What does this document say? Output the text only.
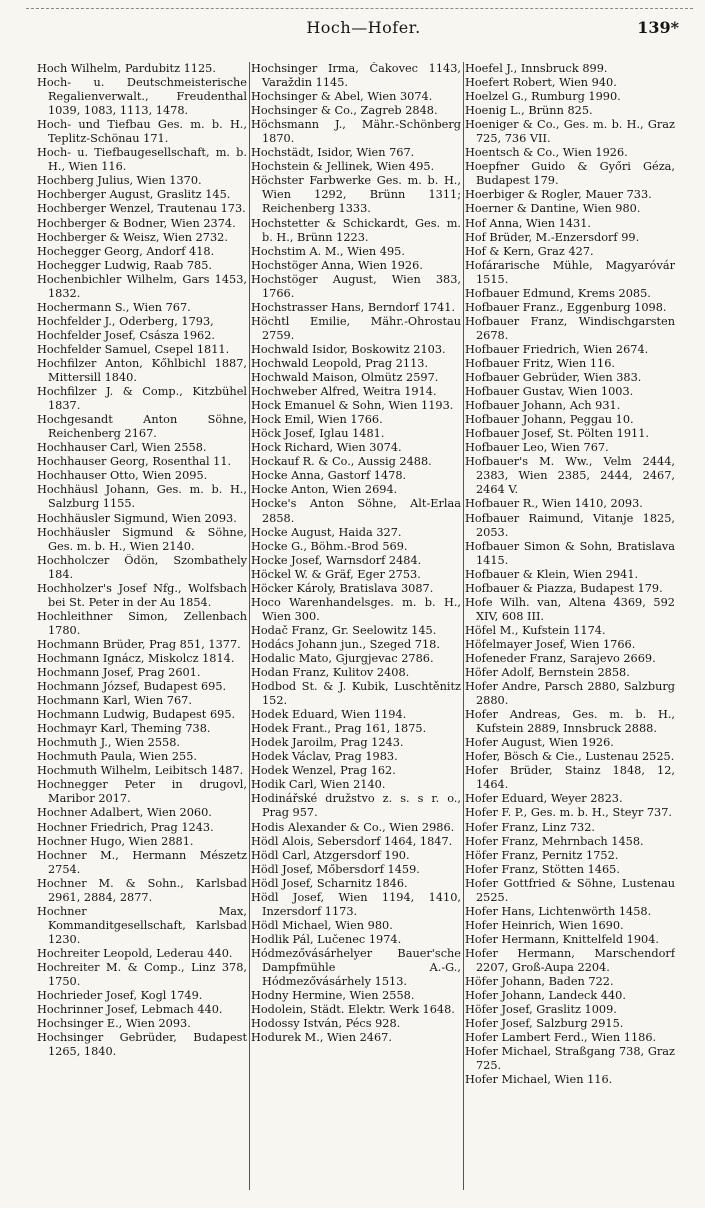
Hoch—Hofer.	139*
Hoch Wilhelm, Pardubitz 1125.
Hoch- u. Deutschmeisterische Regalienverwalt., Freudenthal 1039, 1083, 1113, 1478.
Hoch- und Tiefbau Ges. m. b. H., Teplitz-Schönau 171.
Hoch- u. Tiefbaugesellschaft, m. b. H., Wien 116.
Hochberg Julius, Wien 1370.
Hochberger August, Graslitz 145.
Hochberger Wenzel, Trautenau 173.
Hochberger & Bodner, Wien 2374.
Hochberger & Weisz, Wien 2732.
Hochegger Georg, Andorf 418.
Hochegger Ludwig, Raab 785.
Hochenbichler Wilhelm, Gars 1453, 1832.
Hochermann S., Wien 767.
Hochfelder J., Oderberg, 1793,
Hochfelder Josef, Császa 1962.
Hochfelder Samuel, Csepel 1811.
Hochfilzer Anton, Kőhlbichl 1887, Mittersill 1840.
Hochfilzer J. & Comp., Kitzbühel 1837.
Hochgesandt Anton Söhne, Reichenberg 2167.
Hochhauser Carl, Wien 2558.
Hochhauser Georg, Rosenthal 11.
Hochhauser Otto, Wien 2095.
Hochhäusl Johann, Ges. m. b. H., Salzburg 1155.
Hochhäusler Sigmund, Wien 2093.
Hochhäusler Sigmund & Söhne, Ges. m. b. H., Wien 2140.
Hochholczer Ödön, Szombathely 184.
Hochholzer's Josef Nfg., Wolfsbach bei St. Peter in der Au 1854.
Hochleithner Simon, Zellenbach 1780.
Hochmann Brüder, Prag 851, 1377.
Hochmann Ignácz, Miskolcz 1814.
Hochmann Josef, Prag 2601.
Hochmann József, Budapest 695.
Hochmann Karl, Wien 767.
Hochmann Ludwig, Budapest 695.
Hochmayr Karl, Theming 738.
Hochmuth J., Wien 2558.
Hochmuth Paula, Wien 255.
Hochmuth Wilhelm, Leibitsch 1487.
Hochnegger Peter in drugovl, Maribor 2017.
Hochner Adalbert, Wien 2060.
Hochner Friedrich, Prag 1243.
Hochner Hugo, Wien 2881.
Hochner M., Hermann Mészetz 2754.
Hochner M. & Sohn., Karlsbad 2961, 2884, 2877.
Hochner Max, Kommanditgesellschaft, Karlsbad 1230.
Hochreiter Leopold, Lederau 440.
Hochreiter M. & Comp., Linz 378, 1750.
Hochrieder Josef, Kogl 1749.
Hochrinner Josef, Lebmach 440.
Hochsinger E., Wien 2093.
Hochsinger Gebrüder, Budapest 1265, 1840.
Hochsinger Irma, Čakovec 1143, Varaždin 1145.
Hochsinger & Abel, Wien 3074.
Hochsinger & Co., Zagreb 2848.
Höchsmann J., Mähr.-Schönberg 1870.
Hochstädt, Isidor, Wien 767.
Hochstein & Jellinek, Wien 495.
Höchster Farbwerke Ges. m. b. H., Wien 1292, Brünn 1311; Reichenberg 1333.
Hochstetter & Schickardt, Ges. m. b. H., Brünn 1223.
Hochstim A. M., Wien 495.
Hochstöger Anna, Wien 1926.
Hochstöger August, Wien 383, 1766.
Hochstrasser Hans, Berndorf 1741.
Höchtl Emilie, Mähr.-Ohrostau 2759.
Hochwald Isidor, Boskowitz 2103.
Hochwald Leopold, Prag 2113.
Hochwald Maison, Olmütz 2597.
Hochweber Alfred, Weitra 1914.
Hock Emanuel & Sohn, Wien 1193.
Hock Emil, Wien 1766.
Höck Josef, Iglau 1481.
Hock Richard, Wien 3074.
Hockauf R. & Co., Aussig 2488.
Hocke Anna, Gastorf 1478.
Hocke Anton, Wien 2694.
Hocke's Anton Söhne, Alt-Erlaa 2858.
Hocke August, Haida 327.
Hocke G., Böhm.-Brod 569.
Hocke Josef, Warnsdorf 2484.
Höckel W. & Gräf, Eger 2753.
Höcker Károly, Bratislava 3087.
Hoco Warenhandelsges. m. b. H., Wien 300.
Hodač Franz, Gr. Seelowitz 145.
Hodács Johann jun., Szeged 718.
Hodalic Mato, Gjurgjevac 2786.
Hodan Franz, Kulitov 2408.
Hodbod St. & J. Kubik, Luschtěnitz 152.
Hodek Eduard, Wien 1194.
Hodek Frant., Prag 161, 1875.
Hodek Jaroilm, Prag 1243.
Hodek Václav, Prag 1983.
Hodek Wenzel, Prag 162.
Hodik Carl, Wien 2140.
Hodinářské družstvo z. s. s r. o., Prag 957.
Hodis Alexander & Co., Wien 2986.
Hödl Alois, Sebersdorf 1464, 1847.
Hödl Carl, Atzgersdorf 190.
Hödl Josef, Mőbersdorf 1459.
Hödl Josef, Scharnitz 1846.
Hödl Josef, Wien 1194, 1410, Inzersdorf 1173.
Hödl Michael, Wien 980.
Hodlik Pál, Lučenec 1974.
Hódmezővásárhelyer Bauer'sche Dampfmühle A.-G., Hódmezővásárhely 1513.
Hodny Hermine, Wien 2558.
Hodolein, Städt. Elektr. Werk 1648.
Hodossy István, Pécs 928.
Hodurek M., Wien 2467.
Hoefel J., Innsbruck 899.
Hoefert Robert, Wien 940.
Hoelzel G., Rumburg 1990.
Hoenig L., Brünn 825.
Hoeniger & Co., Ges. m. b. H., Graz 725, 736 VII.
Hoentsch & Co., Wien 1926.
Hoepfner Guido & Győri Géza, Budapest 179.
Hoerbiger & Rogler, Mauer 733.
Hoerner & Dantine, Wien 980.
Hof Anna, Wien 1431.
Hof Brüder, M.-Enzersdorf 99.
Hof & Kern, Graz 427.
Hofárarische Mühle, Magyaróvár 1515.
Hofbauer Edmund, Krems 2085.
Hofbauer Franz., Eggenburg 1098.
Hofbauer Franz, Windischgarsten 2678.
Hofbauer Friedrich, Wien 2674.
Hofbauer Fritz, Wien 116.
Hofbauer Gebrüder, Wien 383.
Hofbauer Gustav, Wien 1003.
Hofbauer Johann, Ach 931.
Hofbauer Johann, Peggau 10.
Hofbauer Josef, St. Pölten 1911.
Hofbauer Leo, Wien 767.
Hofbauer's M. Ww., Velm 2444, 2383, Wien 2385, 2444, 2467, 2464 V.
Hofbauer R., Wien 1410, 2093.
Hofbauer Raimund, Vitanje 1825, 2053.
Hofbauer Simon & Sohn, Bratislava 1415.
Hofbauer & Klein, Wien 2941.
Hofbauer & Piazza, Budapest 179.
Hofe Wilh. van, Altena 4369, 592 XIV, 608 III.
Höfel M., Kufstein 1174.
Höfelmayer Josef, Wien 1766.
Hofeneder Franz, Sarajevo 2669.
Höfer Adolf, Bernstein 2858.
Hofer Andre, Parsch 2880, Salzburg 2880.
Hofer Andreas, Ges. m. b. H., Kufstein 2889, Innsbruck 2888.
Hofer August, Wien 1926.
Hofer, Bösch & Cie., Lustenau 2525.
Hofer Brüder, Stainz 1848, 12, 1464.
Hofer Eduard, Weyer 2823.
Hofer F. P., Ges. m. b. H., Steyr 737.
Hofer Franz, Linz 732.
Hofer Franz, Mehrnbach 1458.
Höfer Franz, Pernitz 1752.
Hofer Franz, Stötten 1465.
Hofer Gottfried & Söhne, Lustenau 2525.
Hofer Hans, Lichtenwörth 1458.
Hofer Heinrich, Wien 1690.
Hofer Hermann, Knittelfeld 1904.
Hofer Hermann, Marschendorf 2207, Groß-Aupa 2204.
Höfer Johann, Baden 722.
Hofer Johann, Landeck 440.
Höfer Josef, Graslitz 1009.
Hofer Josef, Salzburg 2915.
Hofer Lambert Ferd., Wien 1186.
Hofer Michael, Straßgang 738, Graz 725.
Hofer Michael, Wien 116.
